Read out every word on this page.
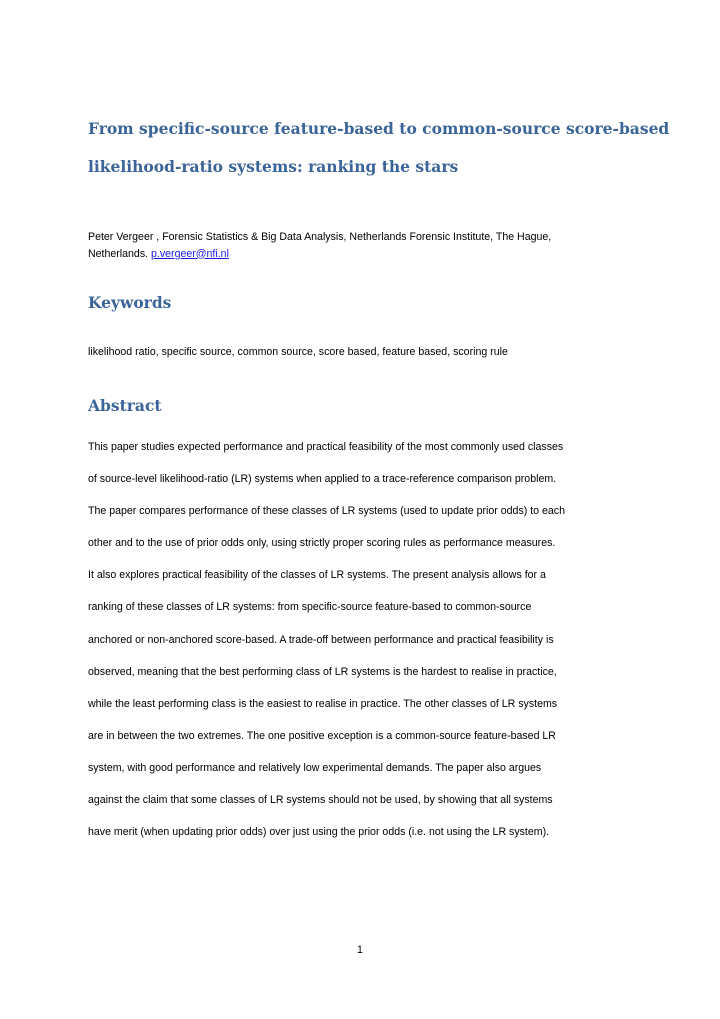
From specific-source feature-based to common-source score-based
likelihood-ratio systems: ranking the stars
Peter Vergeer , Forensic Statistics & Big Data Analysis, Netherlands Forensic Institute, The Hague,
Netherlands. p.vergeer@nfi.nl
Keywords
likelihood ratio, specific source, common source, score based, feature based, scoring rule
Abstract
This paper studies expected performance and practical feasibility of the most commonly used classes
of source-level likelihood-ratio (LR) systems when applied to a trace-reference comparison problem.
The paper compares performance of these classes of LR systems (used to update prior odds) to each
other and to the use of prior odds only, using strictly proper scoring rules as performance measures.
It also explores practical feasibility of the classes of LR systems. The present analysis allows for a
ranking of these classes of LR systems: from specific-source feature-based to common-source
anchored or non-anchored score-based. A trade-off between performance and practical feasibility is
observed, meaning that the best performing class of LR systems is the hardest to realise in practice,
while the least performing class is the easiest to realise in practice. The other classes of LR systems
are in between the two extremes. The one positive exception is a common-source feature-based LR
system, with good performance and relatively low experimental demands. The paper also argues
against the claim that some classes of LR systems should not be used, by showing that all systems
have merit (when updating prior odds) over just using the prior odds (i.e. not using the LR system).
1
